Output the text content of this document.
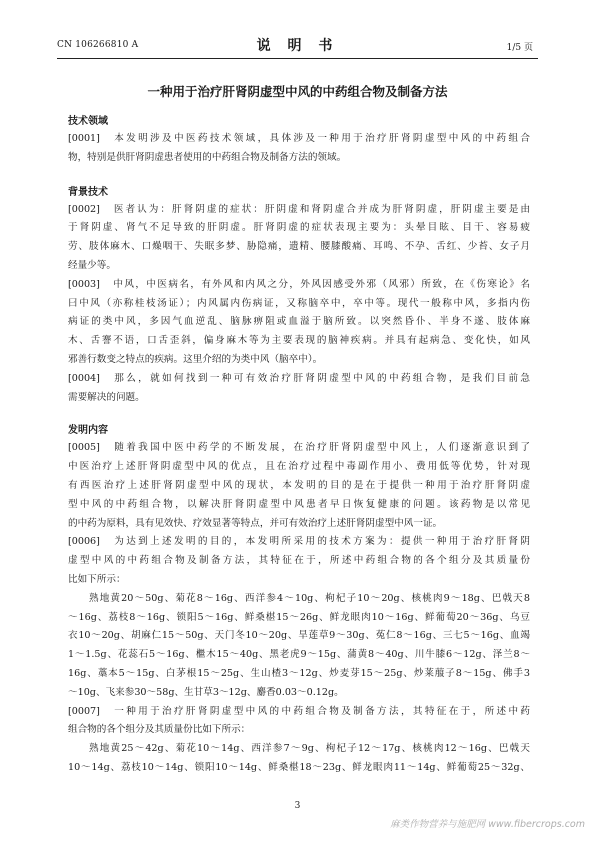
CN 106266810 A	说 明 书	1/5 页
一种用于治疗肝肾阴虚型中风的中药组合物及制备方法
技术领域
[0001] 本发明涉及中医药技术领域，具体涉及一种用于治疗肝肾阴虚型中风的中药组合
物，特别是供肝肾阴虚患者使用的中药组合物及制备方法的领域。
背景技术
[0002] 医者认为：肝肾阴虚的症状：肝阴虚和肾阴虚合并成为肝肾阴虚，肝阴虚主要是由
于肾阴虚、肾气不足导致的肝阴虚。肝肾阴虚的症状表现主要为：头晕目眩、目干、容易疲
劳、肢体麻木、口燥咽干、失眠多梦、胁隐痛，遗精、腰膝酸痛、耳鸣、不孕、舌红、少苔、女子月
经量少等。
[0003] 中风，中医病名，有外风和内风之分，外风因感受外邪（风邪）所致，在《伤寒论》名
曰中风（亦称桂枝汤证）；内风属内伤病证，又称脑卒中，卒中等。现代一般称中风，多指内伤
病证的类中风，多因气血逆乱、脑脉痹阻或血溢于脑所致。以突然昏仆、半身不遂、肢体麻
木、舌謇不语，口舌歪斜，偏身麻木等为主要表现的脑神疾病。并具有起病急、变化快，如风
邪善行数变之特点的疾病。这里介绍的为类中风（脑卒中）。
[0004] 那么，就如何找到一种可有效治疗肝肾阴虚型中风的中药组合物，是我们目前急
需要解决的问题。
发明内容
[0005] 随着我国中医中药学的不断发展，在治疗肝肾阴虚型中风上，人们逐渐意识到了
中医治疗上述肝肾阴虚型中风的优点，且在治疗过程中毒副作用小、费用低等优势，针对现
有西医治疗上述肝肾阴虚型中风的现状，本发明的目的是在于提供一种用于治疗肝肾阴虚
型中风的中药组合物，以解决肝肾阴虚型中风患者早日恢复健康的问题。该药物是以常见
的中药为原料，具有见效快、疗效显著等特点，并可有效治疗上述肝肾阴虚型中风一证。
[0006] 为达到上述发明的目的，本发明所采用的技术方案为：提供一种用于治疗肝肾阴
虚型中风的中药组合物及制备方法，其特征在于，所述中药组合物的各个组分及其质量份
比如下所示：
熟地黄20～50g、菊花8～16g、西洋参4～10g、枸杞子10～20g、核桃肉9～18g、巴戟天8
～16g、荔枝8～16g、锁阳5～16g、鲜桑椹15～26g、鲜龙眼肉10～16g、鲜葡萄20～36g、乌豆
衣10～20g、胡麻仁15～50g、天门冬10～20g、旱莲草9～30g、菟仁8～16g、三七5～16g、血竭
1～1.5g、花蕊石5～16g、檵木15～40g、黑老虎9～15g、蒲黄8～40g、川牛膝6～12g、泽兰8～
16g、藁本5～15g、白茅根15～25g、生山楂3～12g、炒麦芽15～25g、炒莱菔子8～15g、佛手3
～10g、飞来参30～58g、生甘草3～12g、麝香0.03～0.12g。
[0007] 一种用于治疗肝肾阴虚型中风的中药组合物及制备方法，其特征在于，所述中药
组合物的各个组分及其质量份比如下所示：
熟地黄25～42g、菊花10～14g、西洋参7～9g、枸杞子12～17g、核桃肉12～16g、巴戟天
10～14g、荔枝10～14g、锁阳10～14g、鲜桑椹18～23g、鲜龙眼肉11～14g、鲜葡萄25～32g、
3
麻类作物营养与施肥网 www.fibercrops.com
